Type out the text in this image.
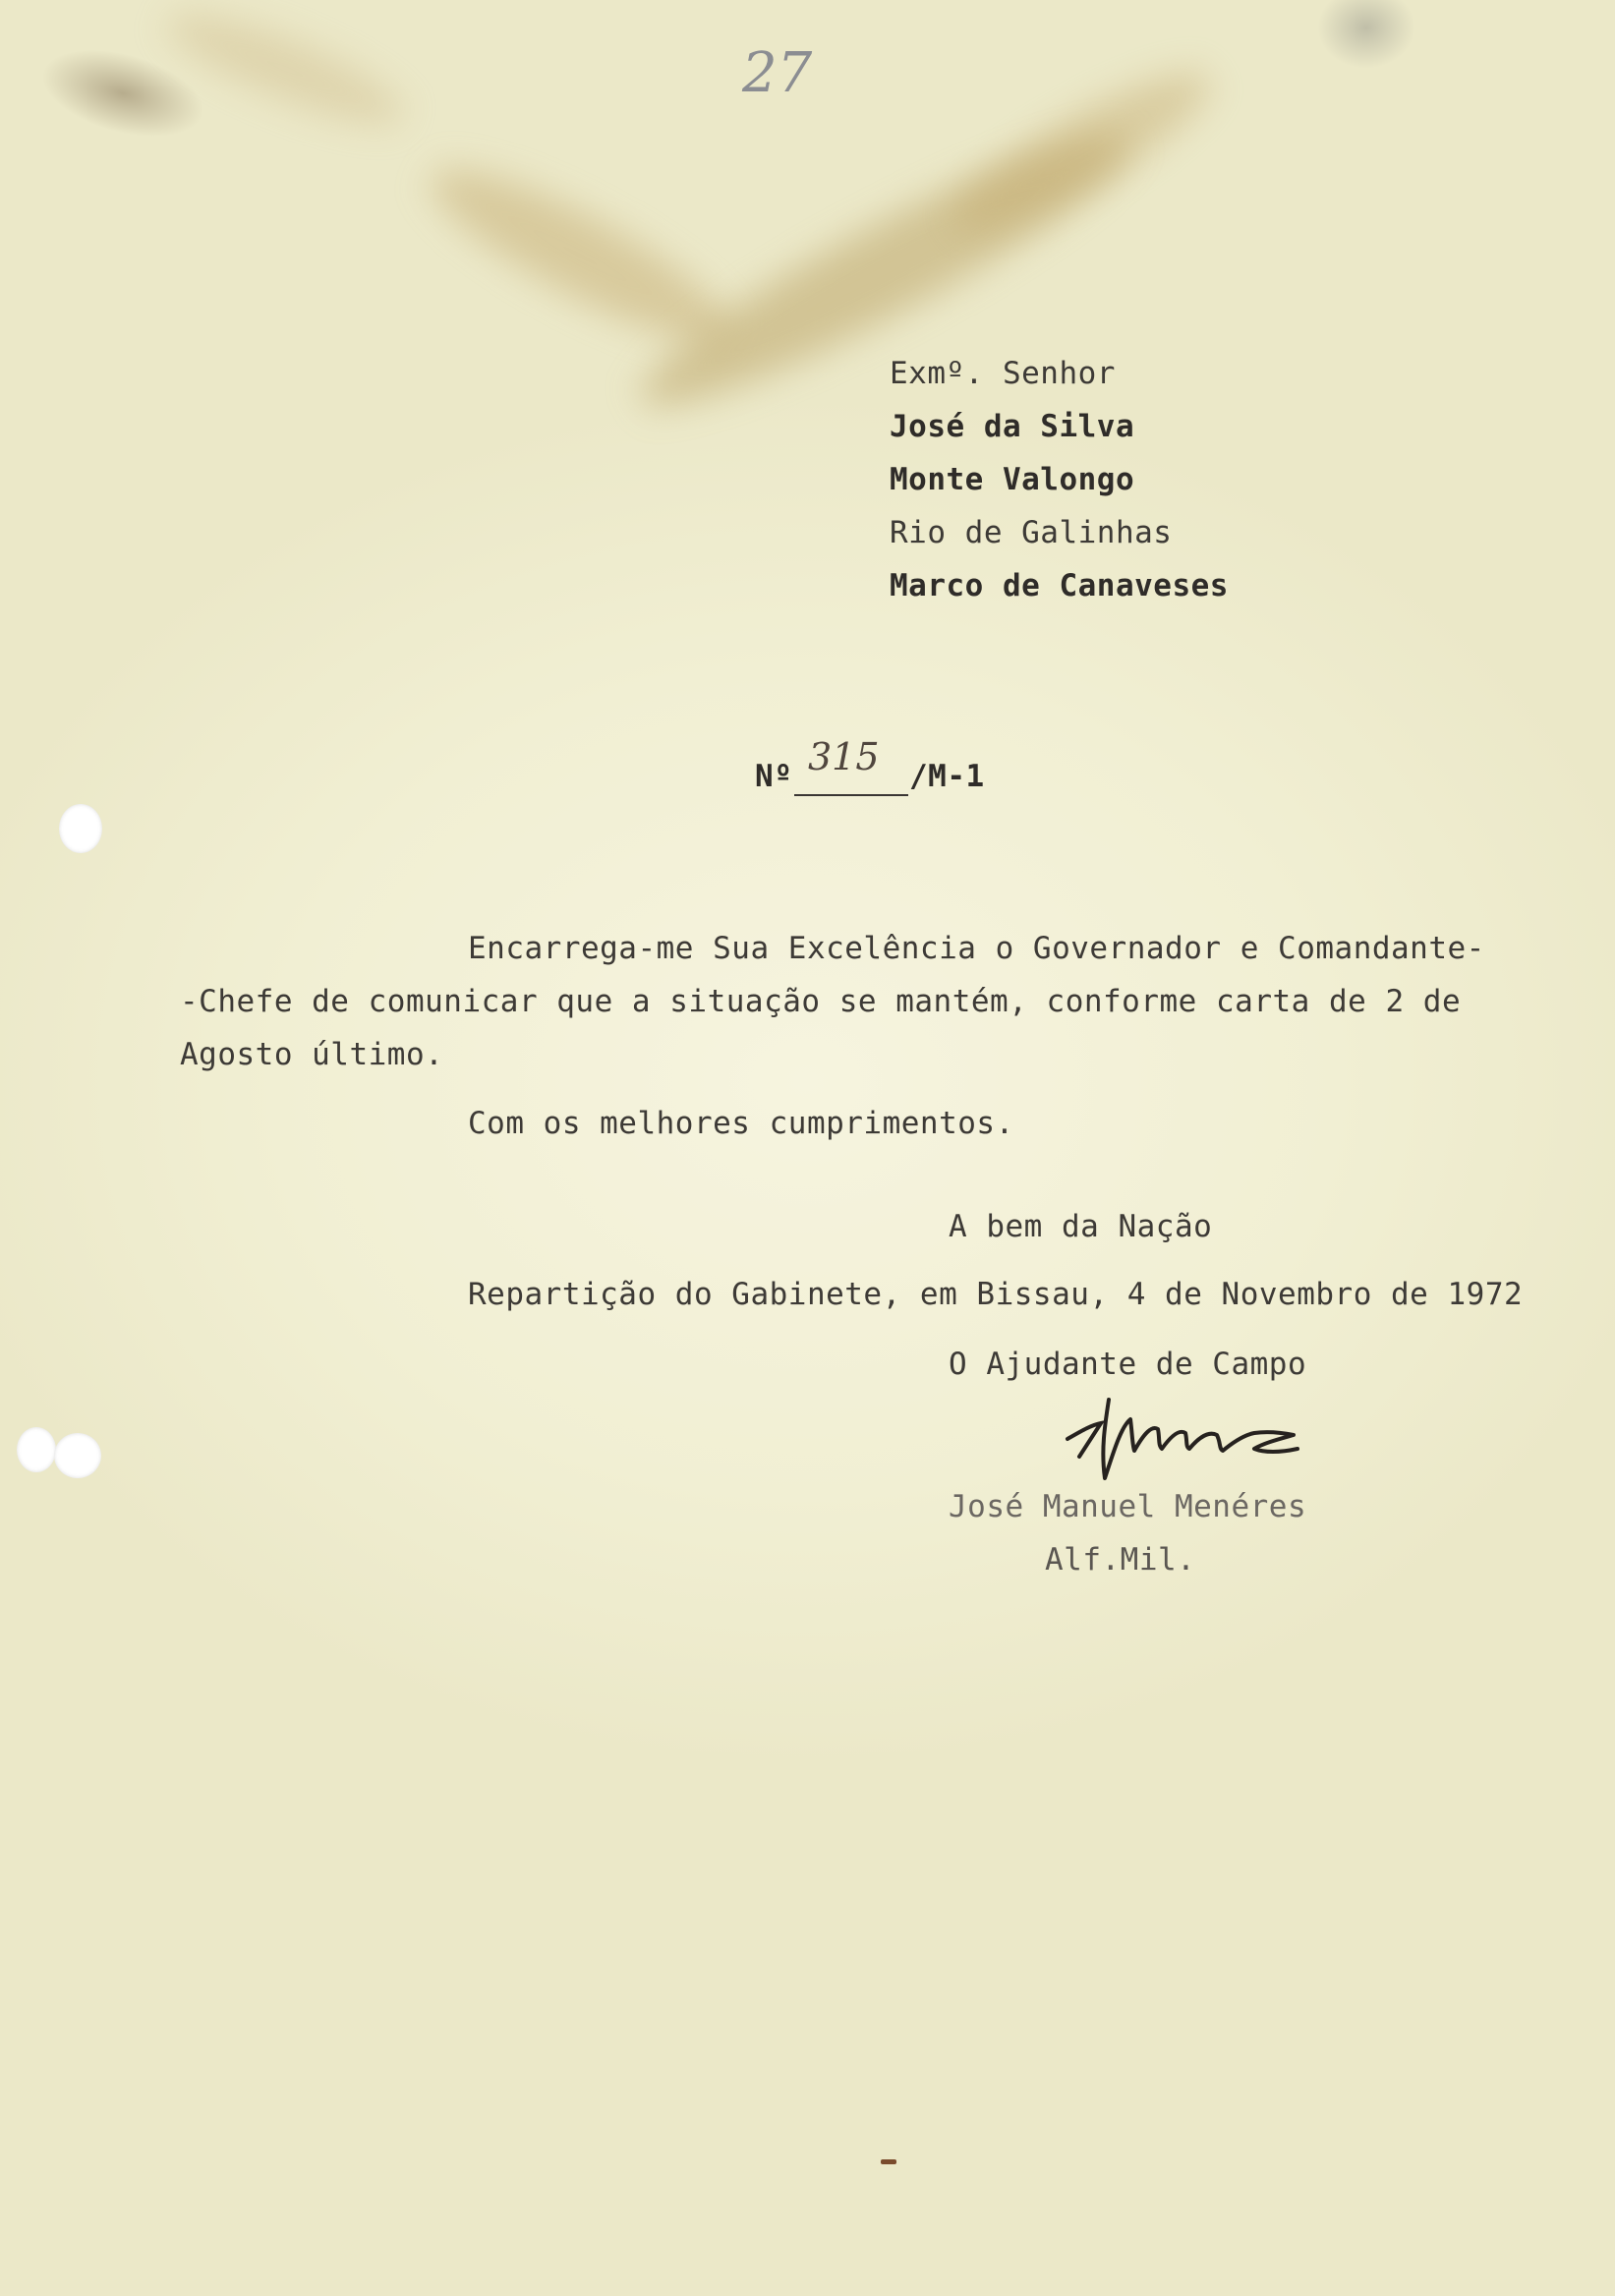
27
Exmº. Senhor
José da Silva
Monte Valongo
Rio de Galinhas
Marco de Canaveses
Nº 315 /M-1
Encarrega-me Sua Excelência o Governador e Comandante-
-Chefe de comunicar que a situação se mantém, conforme carta de 2 de
Agosto último.
Com os melhores cumprimentos.
A bem da Nação
Repartição do Gabinete, em Bissau, 4 de Novembro de 1972
O Ajudante de Campo
José Manuel Menéres
Alf.Mil.
